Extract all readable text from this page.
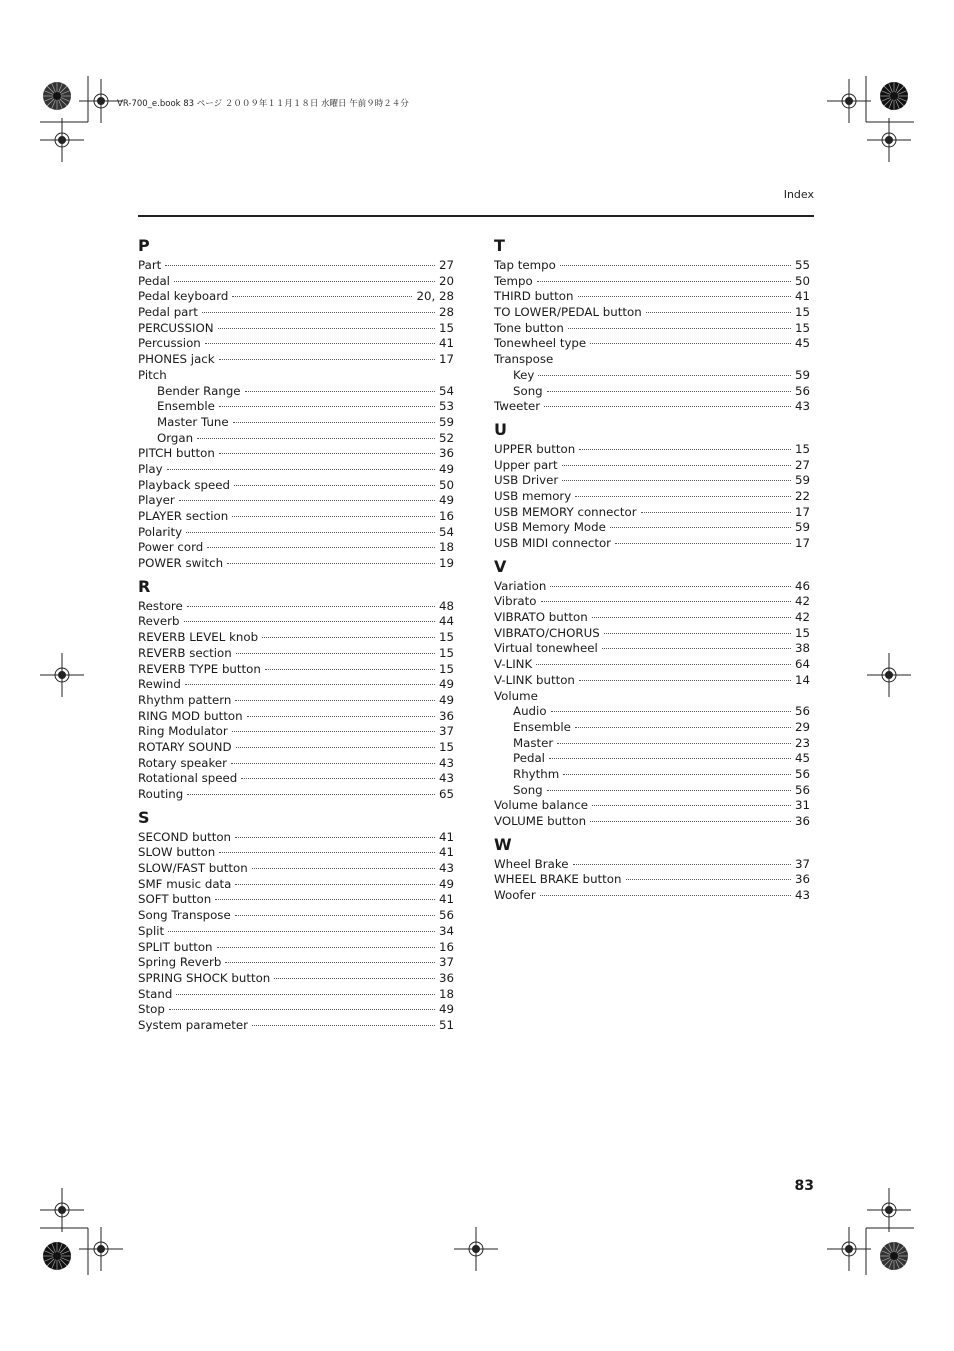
VR-700_e.book 83 ページ ２００９年１１月１８日 水曜日 午前９時２４分
Index
P
Part	27
Pedal	20
Pedal keyboard	20, 28
Pedal part	28
PERCUSSION	15
Percussion	41
PHONES jack	17
Pitch
Bender Range	54
Ensemble	53
Master Tune	59
Organ	52
PITCH button	36
Play	49
Playback speed	50
Player	49
PLAYER section	16
Polarity	54
Power cord	18
POWER switch	19
R
Restore	48
Reverb	44
REVERB LEVEL knob	15
REVERB section	15
REVERB TYPE button	15
Rewind	49
Rhythm pattern	49
RING MOD button	36
Ring Modulator	37
ROTARY SOUND	15
Rotary speaker	43
Rotational speed	43
Routing	65
S
SECOND button	41
SLOW button	41
SLOW/FAST button	43
SMF music data	49
SOFT button	41
Song Transpose	56
Split	34
SPLIT button	16
Spring Reverb	37
SPRING SHOCK button	36
Stand	18
Stop	49
System parameter	51
T
Tap tempo	55
Tempo	50
THIRD button	41
TO LOWER/PEDAL button	15
Tone button	15
Tonewheel type	45
Transpose
Key	59
Song	56
Tweeter	43
U
UPPER button	15
Upper part	27
USB Driver	59
USB memory	22
USB MEMORY connector	17
USB Memory Mode	59
USB MIDI connector	17
V
Variation	46
Vibrato	42
VIBRATO button	42
VIBRATO/CHORUS	15
Virtual tonewheel	38
V-LINK	64
V-LINK button	14
Volume
Audio	56
Ensemble	29
Master	23
Pedal	45
Rhythm	56
Song	56
Volume balance	31
VOLUME button	36
W
Wheel Brake	37
WHEEL BRAKE button	36
Woofer	43
83
